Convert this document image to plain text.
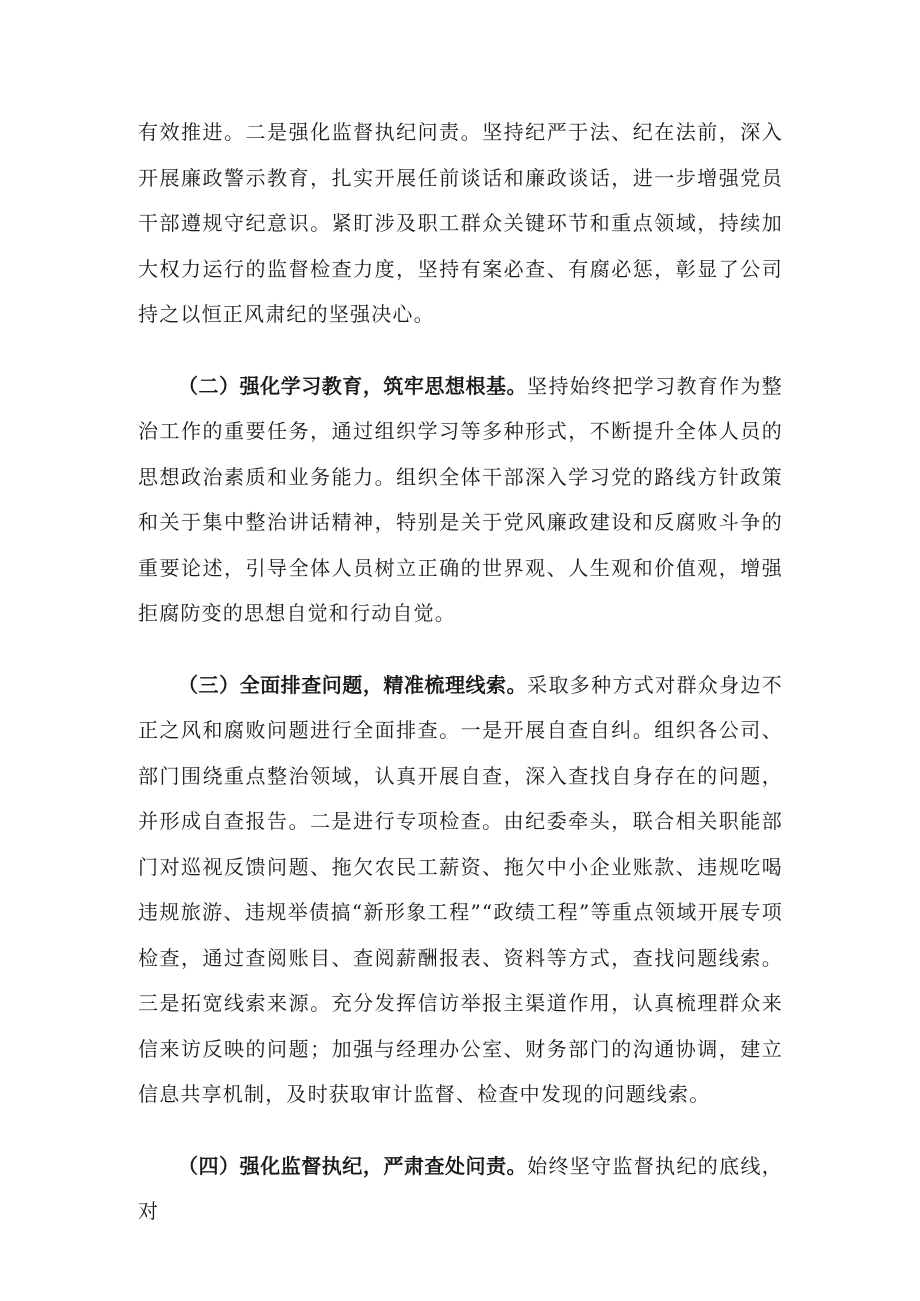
有效推进。二是强化监督执纪问责。坚持纪严于法、纪在法前，深入开展廉政警示教育，扎实开展任前谈话和廉政谈话，进一步增强党员干部遵规守纪意识。紧盯涉及职工群众关键环节和重点领域，持续加大权力运行的监督检查力度，坚持有案必查、有腐必惩，彰显了公司持之以恒正风肃纪的坚强决心。

（二）强化学习教育，筑牢思想根基。坚持始终把学习教育作为整治工作的重要任务，通过组织学习等多种形式，不断提升全体人员的思想政治素质和业务能力。组织全体干部深入学习党的路线方针政策和关于集中整治讲话精神，特别是关于党风廉政建设和反腐败斗争的重要论述，引导全体人员树立正确的世界观、人生观和价值观，增强拒腐防变的思想自觉和行动自觉。

（三）全面排查问题，精准梳理线索。采取多种方式对群众身边不正之风和腐败问题进行全面排查。一是开展自查自纠。组织各公司、部门围绕重点整治领域，认真开展自查，深入查找自身存在的问题，并形成自查报告。二是进行专项检查。由纪委牵头，联合相关职能部门对巡视反馈问题、拖欠农民工薪资、拖欠中小企业账款、违规吃喝违规旅游、违规举债搞“新形象工程”“政绩工程”等重点领域开展专项检查，通过查阅账目、查阅薪酬报表、资料等方式，查找问题线索。三是拓宽线索来源。充分发挥信访举报主渠道作用，认真梳理群众来信来访反映的问题；加强与经理办公室、财务部门的沟通协调，建立信息共享机制，及时获取审计监督、检查中发现的问题线索。

（四）强化监督执纪，严肃查处问责。始终坚守监督执纪的底线，对
